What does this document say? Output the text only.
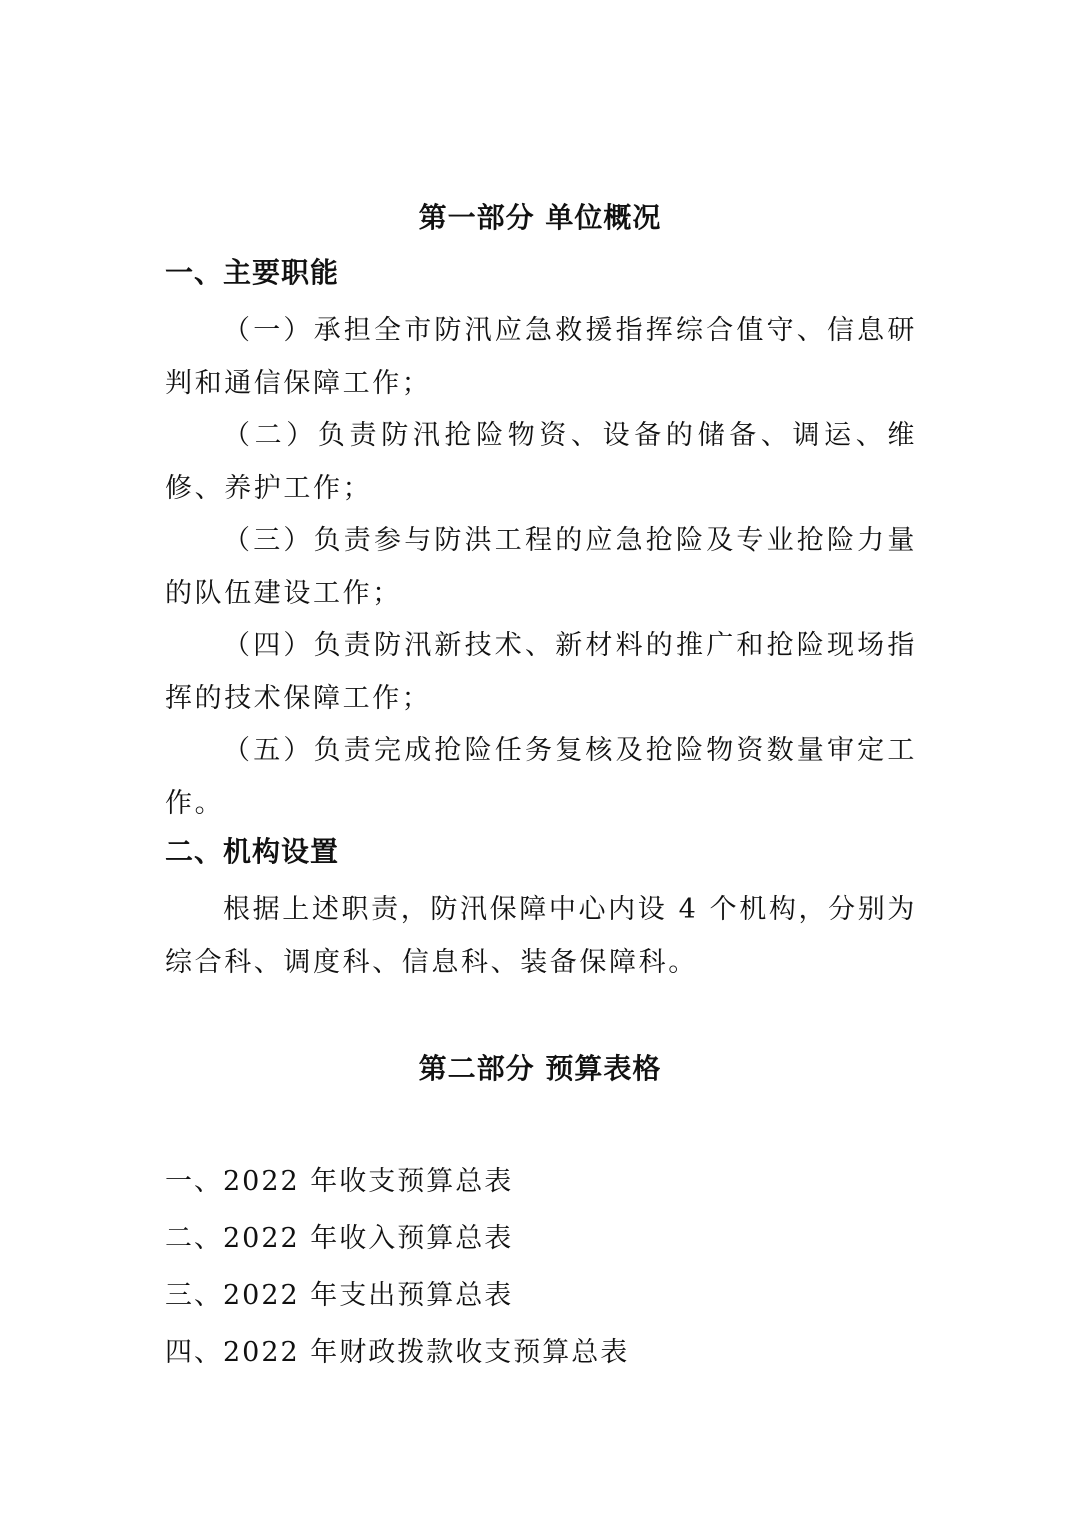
第一部分 单位概况
一、主要职能
（一）承担全市防汛应急救援指挥综合值守、信息研判和通信保障工作；
（二）负责防汛抢险物资、设备的储备、调运、维修、养护工作；
（三）负责参与防洪工程的应急抢险及专业抢险力量的队伍建设工作；
（四）负责防汛新技术、新材料的推广和抢险现场指挥的技术保障工作；
（五）负责完成抢险任务复核及抢险物资数量审定工作。
二、机构设置
根据上述职责，防汛保障中心内设 4 个机构，分别为综合科、调度科、信息科、装备保障科。
第二部分 预算表格
一、2022 年收支预算总表
二、2022 年收入预算总表
三、2022 年支出预算总表
四、2022 年财政拨款收支预算总表
